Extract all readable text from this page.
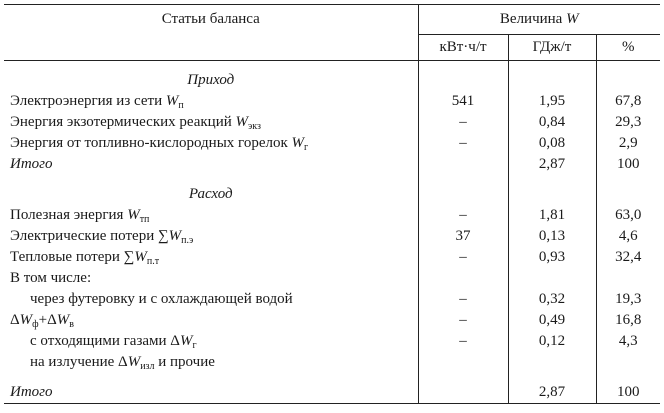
Статьи баланса	Величина W		
	кВт·ч/т	ГДж/т	%

Приход			
Электроэнергия из сети $W_п$	541	1,95	67,8
Энергия экзотермических реакций $W_{экз}$	–	0,84	29,3
Энергия от топливно-кислородных горелок $W_г$	–	0,08	2,9
Итого		2,87	100

Расход			
Полезная энергия $W_{тп}$	–	1,81	63,0
Электрические потери $\sum W_{п.э}$	37	0,13	4,6
Тепловые потери $\sum W_{п.т}$	–	0,93	32,4
В том числе:			
через футеровку и с охлаждающей водой	–	0,32	19,3
$\Delta W_ф+\Delta W_в$	–	0,49	16,8
с отходящими газами $\Delta W_г$	–	0,12	4,3
на излучение $\Delta W_{изл}$ и прочие			

Итого		2,87	100
